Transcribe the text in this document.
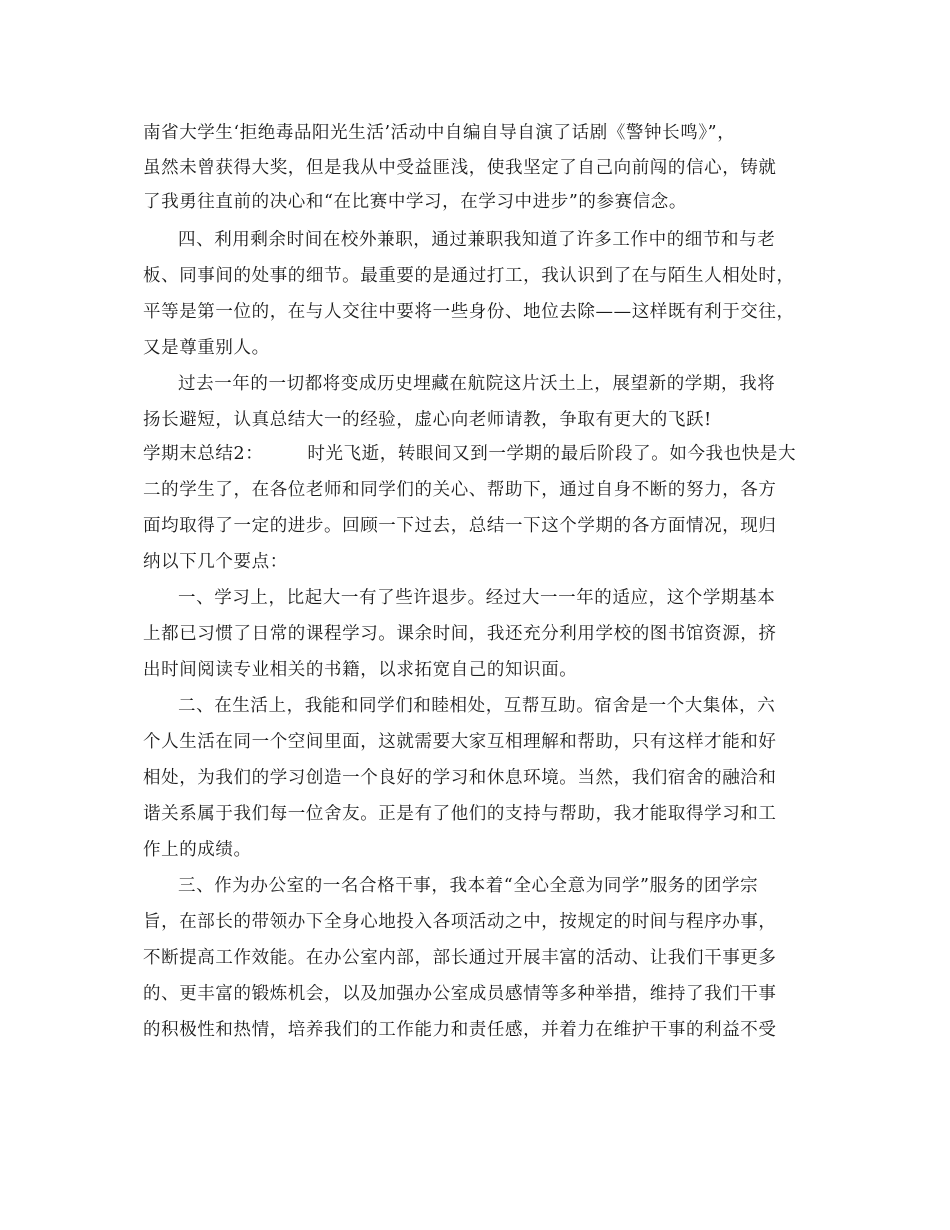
南省大学生‘拒绝毒品阳光生活’活动中自编自导自演了话剧《警钟长鸣》”，
虽然未曾获得大奖，但是我从中受益匪浅，使我坚定了自己向前闯的信心，铸就
了我勇往直前的决心和“在比赛中学习，在学习中进步”的参赛信念。
四、利用剩余时间在校外兼职，通过兼职我知道了许多工作中的细节和与老
板、同事间的处事的细节。最重要的是通过打工，我认识到了在与陌生人相处时，
平等是第一位的，在与人交往中要将一些身份、地位去除——这样既有利于交往，
又是尊重别人。
过去一年的一切都将变成历史埋藏在航院这片沃土上，展望新的学期，我将
扬长避短，认真总结大一的经验，虚心向老师请教，争取有更大的飞跃!
学期末总结2：	时光飞逝，转眼间又到一学期的最后阶段了。如今我也快是大
二的学生了，在各位老师和同学们的关心、帮助下，通过自身不断的努力，各方
面均取得了一定的进步。回顾一下过去，总结一下这个学期的各方面情况，现归
纳以下几个要点：
一、学习上，比起大一有了些许退步。经过大一一年的适应，这个学期基本
上都已习惯了日常的课程学习。课余时间，我还充分利用学校的图书馆资源，挤
出时间阅读专业相关的书籍，以求拓宽自己的知识面。
二、在生活上，我能和同学们和睦相处，互帮互助。宿舍是一个大集体，六
个人生活在同一个空间里面，这就需要大家互相理解和帮助，只有这样才能和好
相处，为我们的学习创造一个良好的学习和休息环境。当然，我们宿舍的融洽和
谐关系属于我们每一位舍友。正是有了他们的支持与帮助，我才能取得学习和工
作上的成绩。
三、作为办公室的一名合格干事，我本着“全心全意为同学”服务的团学宗
旨，在部长的带领办下全身心地投入各项活动之中，按规定的时间与程序办事，
不断提高工作效能。在办公室内部，部长通过开展丰富的活动、让我们干事更多
的、更丰富的锻炼机会，以及加强办公室成员感情等多种举措，维持了我们干事
的积极性和热情，培养我们的工作能力和责任感，并着力在维护干事的利益不受
